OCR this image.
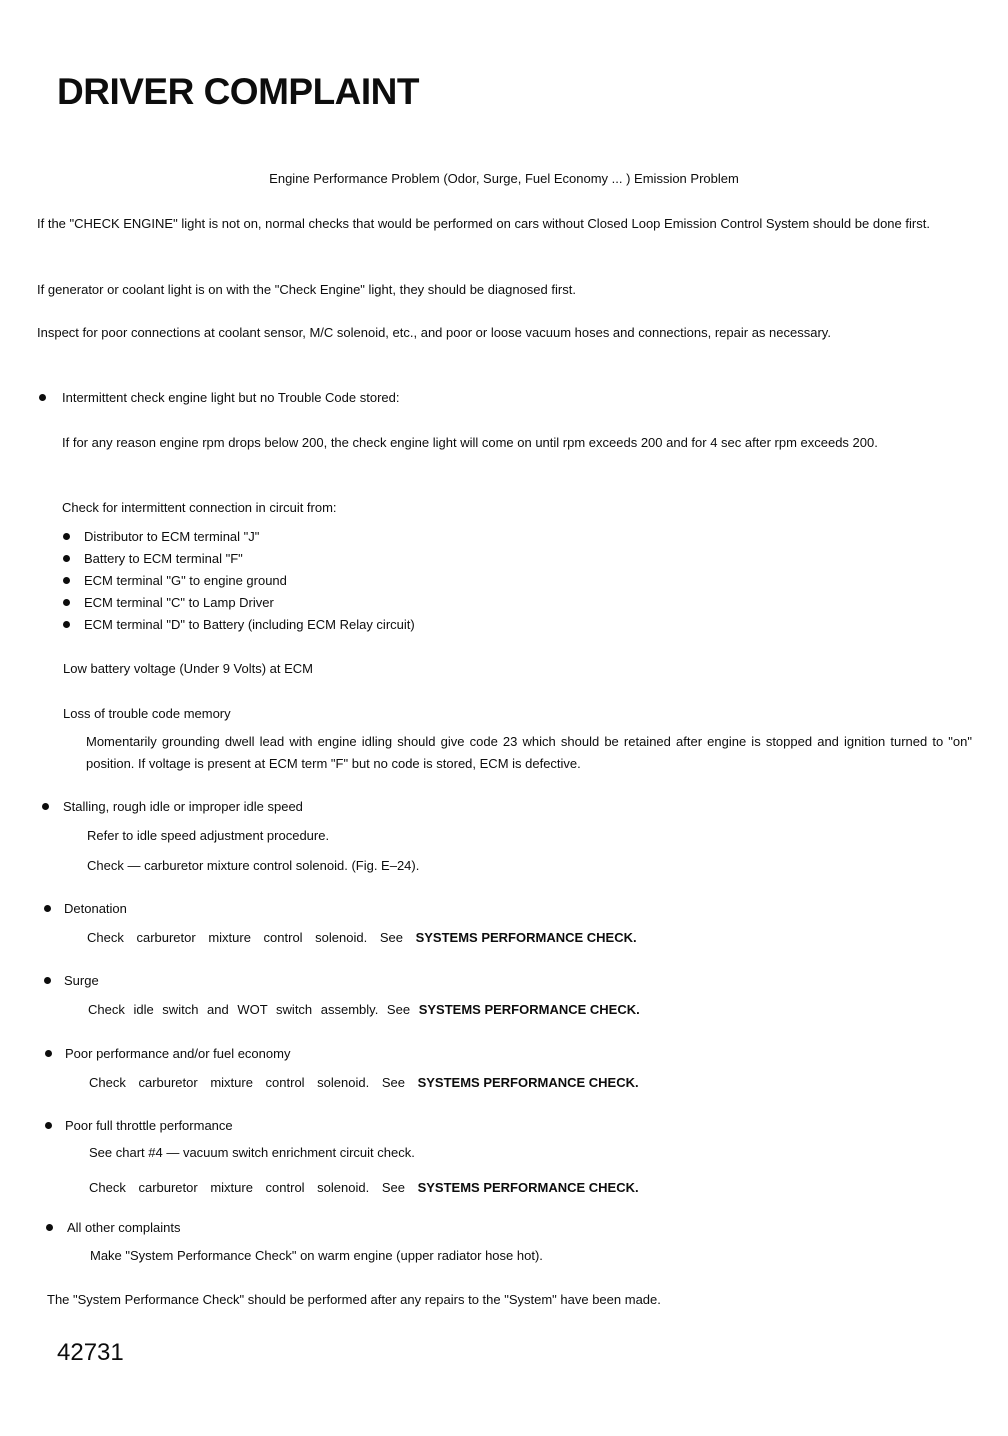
DRIVER COMPLAINT
Engine Performance Problem (Odor, Surge, Fuel Economy ... ) Emission Problem
If the "CHECK ENGINE" light is not on, normal checks that would be performed on cars without Closed Loop Emission Control System should be done first.
If generator or coolant light is on with the "Check Engine" light, they should be diagnosed first.
Inspect for poor connections at coolant sensor, M/C solenoid, etc., and poor or loose vacuum hoses and connections, repair as necessary.
Intermittent check engine light but no Trouble Code stored:
If for any reason engine rpm drops below 200, the check engine light will come on until rpm exceeds 200 and for 4 sec after rpm exceeds 200.
Check for intermittent connection in circuit from:
Distributor to ECM terminal "J"
Battery to ECM terminal "F"
ECM terminal "G" to engine ground
ECM terminal "C" to Lamp Driver
ECM terminal "D" to Battery (including ECM Relay circuit)
Low battery voltage (Under 9 Volts) at ECM
Loss of trouble code memory
Momentarily grounding dwell lead with engine idling should give code 23 which should be retained after engine is stopped and ignition turned to "on" position. If voltage is present at ECM term "F" but no code is stored, ECM is defective.
Stalling, rough idle or improper idle speed
Refer to idle speed adjustment procedure.
Check — carburetor mixture control solenoid. (Fig. E–24).
Detonation
Check carburetor mixture control solenoid. See SYSTEMS PERFORMANCE CHECK.
Surge
Check idle switch and WOT switch assembly. See SYSTEMS PERFORMANCE CHECK.
Poor performance and/or fuel economy
Check carburetor mixture control solenoid. See SYSTEMS PERFORMANCE CHECK.
Poor full throttle performance
See chart #4 — vacuum switch enrichment circuit check.
Check carburetor mixture control solenoid. See SYSTEMS PERFORMANCE CHECK.
All other complaints
Make "System Performance Check" on warm engine (upper radiator hose hot).
The "System Performance Check" should be performed after any repairs to the "System" have been made.
42731
